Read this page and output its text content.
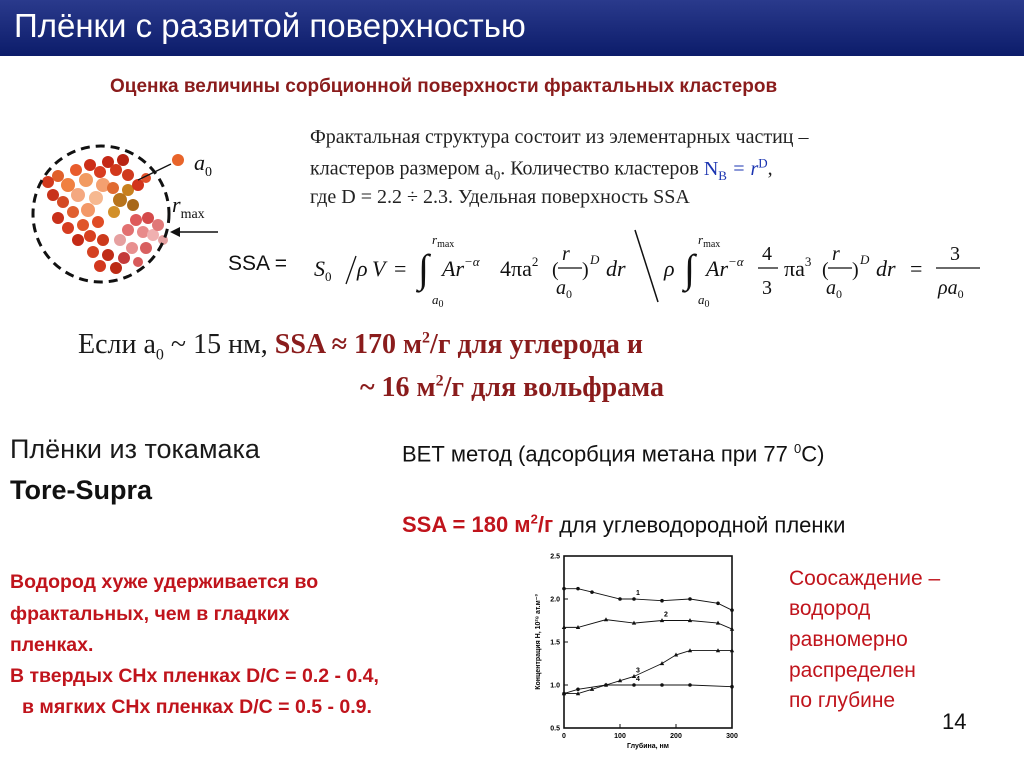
Плёнки с развитой поверхностью
Оценка величины сорбционной поверхности фрактальных кластеров
$a_0$
$r_{max}$
Фрактальная структура состоит из элементарных частиц –
кластеров размером $a_0$. Количество кластеров $N_B = r^D$,
где D = 2.2 ÷ 2.3. Удельная поверхность SSA
SSA = $S_0$ ρ V = ∫
$r_{max}$
$a_0$
$Ar^{-\alpha}$ $4\pi a^2$ (
r
$a_0$
) D dr ρ ∫
$r_{max}$
$a_0$
$Ar^{-\alpha}$ 4
3
$\pi a^3$ (
r
$a_0$
) D dr =
3
$\rho a_0$
Если $a_0$ ~ 15 нм, SSA ≈ 170 $м^2/г$ для углерода и
~ 16 $м^2/г$ для вольфрама
Плёнки из токамака
Tore-Supra
ВЕТ метод (адсорбция метана при 77 $^0$С)
SSA = 180 $м^2/г$ для углеводородной пленки
Водород хуже удерживается во
фрактальных, чем в гладких
пленках.
В твердых CHx пленках D/C = 0.2 - 0.4,
в мягких CHx пленках D/C = 0.5 - 0.9.
0	100	200	300
0.5
1.0
1.5
2.0
2.5
Глубина, нм
Концентрация Н, 10²⁸ ат.м⁻³
1
2
3
4
Соосаждение –
водород
равномерно
распределен
по глубине
14
